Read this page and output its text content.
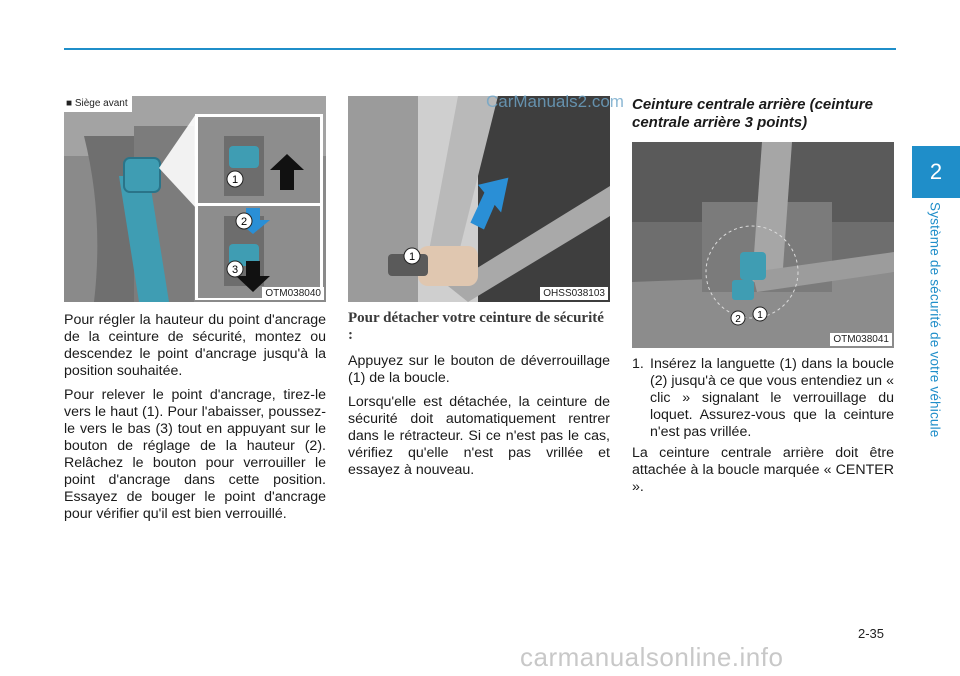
2
Système de sécurité de votre véhicule
1
2
3
■ Siège avant
OTM038040

Pour régler la hauteur du point d'ancrage de la ceinture de sécurité, montez ou descendez le point d'ancrage jusqu'à la position souhaitée.

Pour relever le point d'ancrage, tirez-le vers le haut (1). Pour l'abaisser, poussez-le vers le bas (3) tout en appuyant sur le bouton de réglage de la hauteur (2). Relâchez le bouton pour verrouiller le point d'ancrage dans cette position. Essayez de bouger le point d'ancrage pour vérifier qu'il est bien verrouillé.

1
OHSS038103
Pour détacher votre ceinture de sécurité :

Appuyez sur le bouton de déverrouillage (1) de la boucle.

Lorsqu'elle est détachée, la ceinture de sécurité doit automatiquement rentrer dans le rétracteur. Si ce n'est pas le cas, vérifiez qu'elle n'est pas vrillée et essayez à nouveau.

Ceinture centrale arrière (ceinture centrale arrière 3 points)
1
2
OTM038041
1. Insérez la languette (1) dans la boucle (2) jusqu'à ce que vous entendiez un « clic » signalant le verrouillage du loquet. Assurez-vous que la ceinture n'est pas vrillée.

La ceinture centrale arrière doit être attachée à la boucle marquée « CENTER ».

CarManuals2.com
2-35
carmanualsonline.info
